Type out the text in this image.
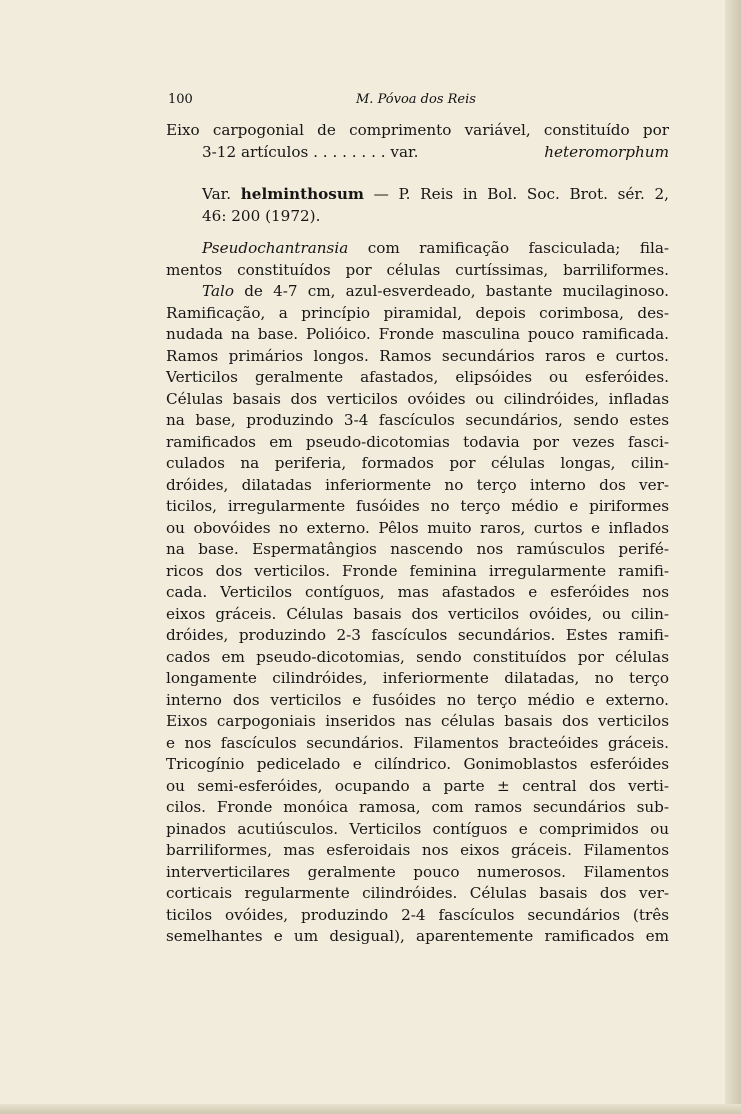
100	M. Póvoa dos Reis
Eixo carpogonial de comprimento variável, constituído por
3-12 artículos . . . . . . . . var.	heteromorphum
Var. helminthosum — P. Reis in Bol. Soc. Brot. sér. 2,
46: 200 (1972).
Pseudochantransia com ramificação fasciculada; fila-
mentos constituídos por células curtíssimas, barriliformes.
Talo de 4-7 cm, azul-esverdeado, bastante mucilaginoso.
Ramificação, a princípio piramidal, depois corimbosa, des-
nudada na base. Polióico. Fronde masculina pouco ramificada.
Ramos primários longos. Ramos secundários raros e curtos.
Verticilos geralmente afastados, elipsóides ou esferóides.
Células basais dos verticilos ovóides ou cilindróides, infladas
na base, produzindo 3-4 fascículos secundários, sendo estes
ramificados em pseudo-dicotomias todavia por vezes fasci-
culados na periferia, formados por células longas, cilin-
dróides, dilatadas inferiormente no terço interno dos ver-
ticilos, irregularmente fusóides no terço médio e piriformes
ou obovóides no externo. Pêlos muito raros, curtos e inflados
na base. Espermatângios nascendo nos ramúsculos perifé-
ricos dos verticilos. Fronde feminina irregularmente ramifi-
cada. Verticilos contíguos, mas afastados e esferóides nos
eixos gráceis. Células basais dos verticilos ovóides, ou cilin-
dróides, produzindo 2-3 fascículos secundários. Estes ramifi-
cados em pseudo-dicotomias, sendo constituídos por células
longamente cilindróides, inferiormente dilatadas, no terço
interno dos verticilos e fusóides no terço médio e externo.
Eixos carpogoniais inseridos nas células basais dos verticilos
e nos fascículos secundários. Filamentos bracteóides gráceis.
Tricogínio pedicelado e cilíndrico. Gonimoblastos esferóides
ou semi-esferóides, ocupando a parte ± central dos verti-
cilos. Fronde monóica ramosa, com ramos secundários sub-
pinados acutiúsculos. Verticilos contíguos e comprimidos ou
barriliformes, mas esferoidais nos eixos gráceis. Filamentos
interverticilares geralmente pouco numerosos. Filamentos
corticais regularmente cilindróides. Células basais dos ver-
ticilos ovóides, produzindo 2-4 fascículos secundários (três
semelhantes e um desigual), aparentemente ramificados em
